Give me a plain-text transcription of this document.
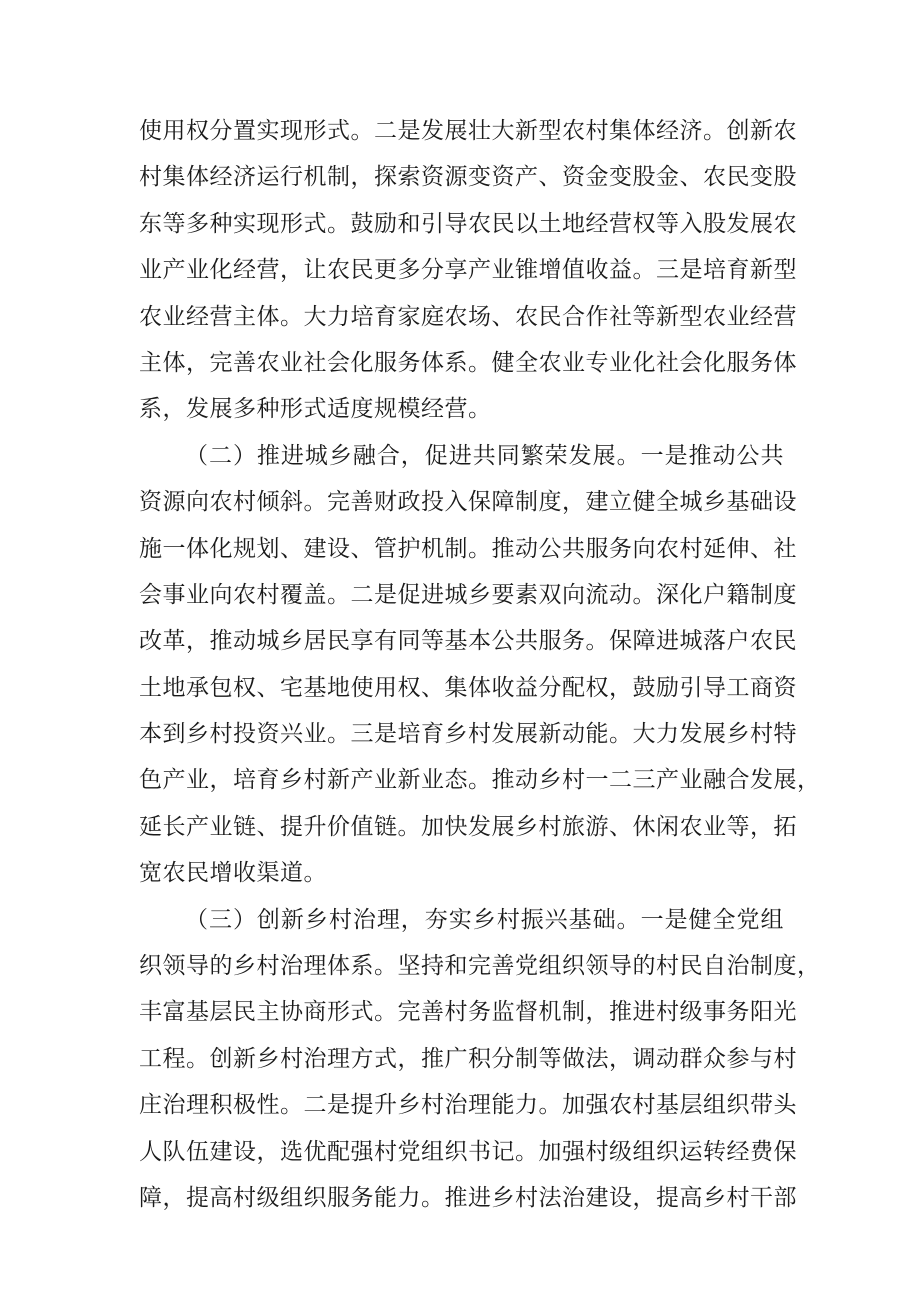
使用权分置实现形式。二是发展壮大新型农村集体经济。创新农
村集体经济运行机制，探索资源变资产、资金变股金、农民变股
东等多种实现形式。鼓励和引导农民以土地经营权等入股发展农
业产业化经营，让农民更多分享产业锥增值收益。三是培育新型
农业经营主体。大力培育家庭农场、农民合作社等新型农业经营
主体，完善农业社会化服务体系。健全农业专业化社会化服务体
系，发展多种形式适度规模经营。
（二）推进城乡融合，促进共同繁荣发展。一是推动公共
资源向农村倾斜。完善财政投入保障制度，建立健全城乡基础设
施一体化规划、建设、管护机制。推动公共服务向农村延伸、社
会事业向农村覆盖。二是促进城乡要素双向流动。深化户籍制度
改革，推动城乡居民享有同等基本公共服务。保障进城落户农民
土地承包权、宅基地使用权、集体收益分配权，鼓励引导工商资
本到乡村投资兴业。三是培育乡村发展新动能。大力发展乡村特
色产业，培育乡村新产业新业态。推动乡村一二三产业融合发展，
延长产业链、提升价值链。加快发展乡村旅游、休闲农业等，拓
宽农民增收渠道。
（三）创新乡村治理，夯实乡村振兴基础。一是健全党组
织领导的乡村治理体系。坚持和完善党组织领导的村民自治制度，
丰富基层民主协商形式。完善村务监督机制，推进村级事务阳光
工程。创新乡村治理方式，推广积分制等做法，调动群众参与村
庄治理积极性。二是提升乡村治理能力。加强农村基层组织带头
人队伍建设，选优配强村党组织书记。加强村级组织运转经费保
障，提高村级组织服务能力。推进乡村法治建设，提高乡村干部
